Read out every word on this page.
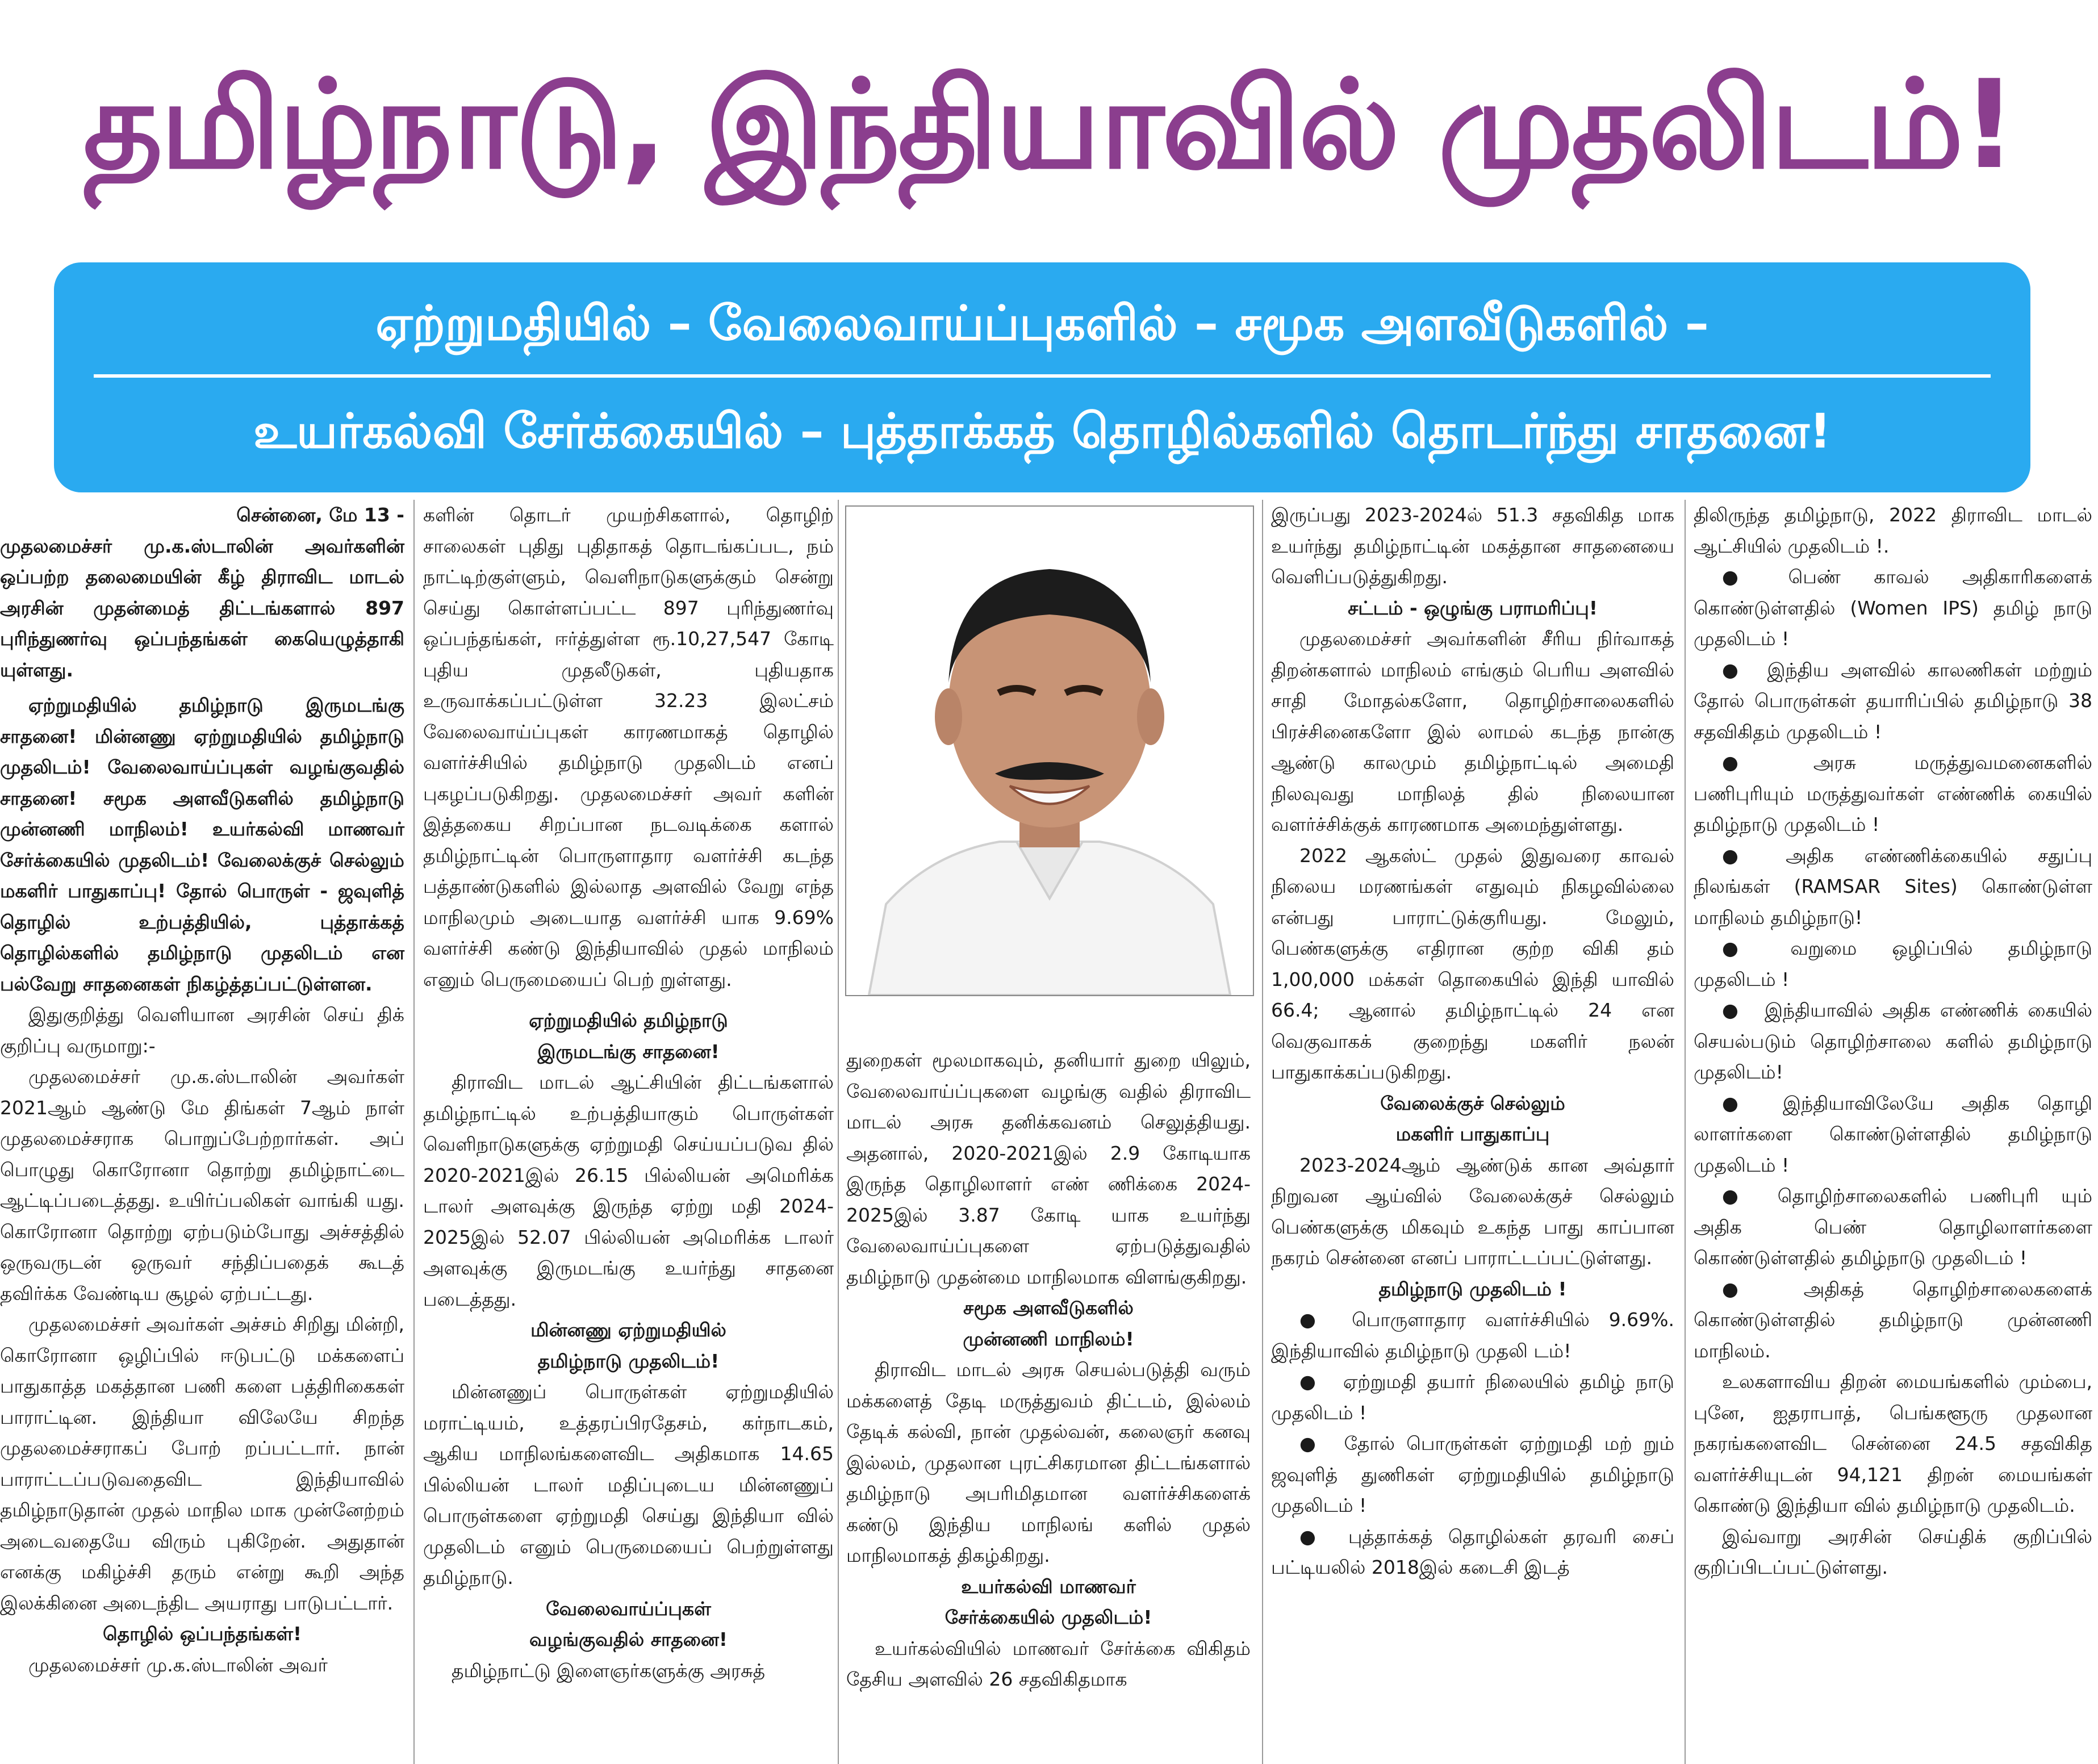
தமிழ்நாடு, இந்தியாவில் முதலிடம்!
ஏற்றுமதியில் – வேலைவாய்ப்புகளில் – சமூக அளவீடுகளில் –
உயர்கல்வி சேர்க்கையில் – புத்தாக்கத் தொழில்களில் தொடர்ந்து சாதனை!

சென்னை, மே 13 -

முதலமைச்சர் மு.க.ஸ்டாலின் அவர்களின் ஒப்பற்ற தலைமையின் கீழ் திராவிட மாடல் அரசின் முதன்மைத் திட்டங்களால் 897 புரிந்துணர்வு ஒப்பந்தங்கள் கையெழுத்தாகி யுள்ளது.

ஏற்றுமதியில் தமிழ்நாடு இருமடங்கு சாதனை! மின்னணு ஏற்றுமதியில் தமிழ்நாடு முதலிடம்! வேலைவாய்ப்புகள் வழங்குவதில் சாதனை! சமூக அளவீடுகளில் தமிழ்நாடு முன்னணி மாநிலம்! உயர்கல்வி மாணவர் சேர்க்கையில் முதலிடம்! வேலைக்குச் செல்லும் மகளிர் பாதுகாப்பு! தோல் பொருள் - ஜவுளித் தொழில் உற்பத்தியில், புத்தாக்கத் தொழில்களில் தமிழ்நாடு முதலிடம் என பல்வேறு சாதனைகள் நிகழ்த்தப்பட்டுள்ளன.

இதுகுறித்து வெளியான அரசின் செய் திக் குறிப்பு வருமாறு:-

முதலமைச்சர் மு.க.ஸ்டாலின் அவர்கள் 2021ஆம் ஆண்டு மே திங்கள் 7ஆம் நாள் முதலமைச்சராக பொறுப்பேற்றார்கள். அப் பொழுது கொரோனா தொற்று தமிழ்நாட்டை ஆட்டிப்படைத்தது. உயிர்ப்பலிகள் வாங்கி யது. கொரோனா தொற்று ஏற்படும்போது அச்சத்தில் ஒருவருடன் ஒருவர் சந்திப்பதைக் கூடத் தவிர்க்க வேண்டிய சூழல் ஏற்பட்டது.

முதலமைச்சர் அவர்கள் அச்சம் சிறிது மின்றி, கொரோனா ஒழிப்பில் ஈடுபட்டு மக்களைப் பாதுகாத்த மகத்தான பணி களை பத்திரிகைகள் பாராட்டின. இந்தியா விலேயே சிறந்த முதலமைச்சராகப் போற் றப்பட்டார். நான் பாராட்டப்படுவதைவிட இந்தியாவில் தமிழ்நாடுதான் முதல் மாநில மாக முன்னேற்றம் அடைவதையே விரும் புகிறேன். அதுதான் எனக்கு மகிழ்ச்சி தரும் என்று கூறி அந்த இலக்கினை அடைந்திட அயராது பாடுபட்டார்.

தொழில் ஒப்பந்தங்கள்!

முதலமைச்சர் மு.க.ஸ்டாலின் அவர்

களின் தொடர் முயற்சிகளால், தொழிற் சாலைகள் புதிது புதிதாகத் தொடங்கப்பட, நம் நாட்டிற்குள்ளும், வெளிநாடுகளுக்கும் சென்று செய்து கொள்ளப்பட்ட 897 புரிந்துணர்வு ஒப்பந்தங்கள், ஈர்த்துள்ள ரூ.10,27,547 கோடி புதிய முதலீடுகள், புதியதாக உருவாக்கப்பட்டுள்ள 32.23 இலட்சம் வேலைவாய்ப்புகள் காரணமாகத் தொழில் வளர்ச்சியில் தமிழ்நாடு முதலிடம் எனப் புகழப்படுகிறது. முதலமைச்சர் அவர் களின் இத்தகைய சிறப்பான நடவடிக்கை களால் தமிழ்நாட்டின் பொருளாதார வளர்ச்சி கடந்த பத்தாண்டுகளில் இல்லாத அளவில் வேறு எந்த மாநிலமும் அடையாத வளர்ச்சி யாக 9.69% வளர்ச்சி கண்டு இந்தியாவில் முதல் மாநிலம் எனும் பெருமையைப் பெற் றுள்ளது.

ஏற்றுமதியில் தமிழ்நாடு

இருமடங்கு சாதனை!

திராவிட மாடல் ஆட்சியின் திட்டங்களால் தமிழ்நாட்டில் உற்பத்தியாகும் பொருள்கள் வெளிநாடுகளுக்கு ஏற்றுமதி செய்யப்படுவ தில் 2020-2021இல் 26.15 பில்லியன் அமெரிக்க டாலர் அளவுக்கு இருந்த ஏற்று மதி 2024-2025இல் 52.07 பில்லியன் அமெரிக்க டாலர் அளவுக்கு இருமடங்கு உயர்ந்து சாதனை படைத்தது.

மின்னணு ஏற்றுமதியில்

தமிழ்நாடு முதலிடம்!

மின்னணுப் பொருள்கள் ஏற்றுமதியில் மராட்டியம், உத்தரப்பிரதேசம், கர்நாடகம், ஆகிய மாநிலங்களைவிட அதிகமாக 14.65 பில்லியன் டாலர் மதிப்புடைய மின்னணுப் பொருள்களை ஏற்றுமதி செய்து இந்தியா வில் முதலிடம் எனும் பெருமையைப் பெற்றுள்ளது தமிழ்நாடு.

வேலைவாய்ப்புகள்

வழங்குவதில் சாதனை!

தமிழ்நாட்டு இளைஞர்களுக்கு அரசுத்

துறைகள் மூலமாகவும், தனியார் துறை யிலும், வேலைவாய்ப்புகளை வழங்கு வதில் திராவிட மாடல் அரசு தனிக்கவனம் செலுத்தியது. அதனால், 2020-2021இல் 2.9 கோடியாக இருந்த தொழிலாளர் எண் ணிக்கை 2024-2025இல் 3.87 கோடி யாக உயர்ந்து வேலைவாய்ப்புகளை ஏற்படுத்துவதில் தமிழ்நாடு முதன்மை மாநிலமாக விளங்குகிறது.

சமூக அளவீடுகளில்

முன்னணி மாநிலம்!

திராவிட மாடல் அரசு செயல்படுத்தி வரும் மக்களைத் தேடி மருத்துவம் திட்டம், இல்லம் தேடிக் கல்வி, நான் முதல்வன், கலைஞர் கனவு இல்லம், முதலான புரட்சிகரமான திட்டங்களால் தமிழ்நாடு அபரிமிதமான வளர்ச்சிகளைக் கண்டு இந்திய மாநிலங் களில் முதல் மாநிலமாகத் திகழ்கிறது.

உயர்கல்வி மாணவர்

சேர்க்கையில் முதலிடம்!

உயர்கல்வியில் மாணவர் சேர்க்கை விகிதம் தேசிய அளவில் 26 சதவிகிதமாக

இருப்பது 2023-2024ல் 51.3 சதவிகித மாக உயர்ந்து தமிழ்நாட்டின் மகத்தான சாதனையை வெளிப்படுத்துகிறது.

சட்டம் - ஒழுங்கு பராமரிப்பு!

முதலமைச்சர் அவர்களின் சீரிய நிர்வாகத் திறன்களால் மாநிலம் எங்கும் பெரிய அளவில் சாதி மோதல்களோ, தொழிற்சாலைகளில் பிரச்சினைகளோ இல் லாமல் கடந்த நான்கு ஆண்டு காலமும் தமிழ்நாட்டில் அமைதி நிலவுவது மாநிலத் தில் நிலையான வளர்ச்சிக்குக் காரணமாக அமைந்துள்ளது.

2022 ஆகஸ்ட் முதல் இதுவரை காவல் நிலைய மரணங்கள் எதுவும் நிகழவில்லை என்பது பாராட்டுக்குரியது. மேலும், பெண்களுக்கு எதிரான குற்ற விகி தம் 1,00,000 மக்கள் தொகையில் இந்தி யாவில் 66.4; ஆனால் தமிழ்நாட்டில் 24 என வெகுவாகக் குறைந்து மகளிர் நலன் பாதுகாக்கப்படுகிறது.

வேலைக்குச் செல்லும்

மகளிர் பாதுகாப்பு

2023-2024ஆம் ஆண்டுக் கான அவ்தார் நிறுவன ஆய்வில் வேலைக்குச் செல்லும் பெண்களுக்கு மிகவும் உகந்த பாது காப்பான நகரம் சென்னை எனப் பாராட்டப்பட்டுள்ளது.

தமிழ்நாடு முதலிடம் !

● பொருளாதார வளர்ச்சியில் 9.69%. இந்தியாவில் தமிழ்நாடு முதலி டம்!

● ஏற்றுமதி தயார் நிலையில் தமிழ் நாடு முதலிடம் !

● தோல் பொருள்கள் ஏற்றுமதி மற் றும் ஜவுளித் துணிகள் ஏற்றுமதியில் தமிழ்நாடு முதலிடம் !

● புத்தாக்கத் தொழில்கள் தரவரி சைப் பட்டியலில் 2018இல் கடைசி இடத்

திலிருந்த தமிழ்நாடு, 2022 திராவிட மாடல் ஆட்சியில் முதலிடம் !.

● பெண் காவல் அதிகாரிகளைக் கொண்டுள்ளதில் (Women IPS) தமிழ் நாடு முதலிடம் !

● இந்திய அளவில் காலணிகள் மற்றும் தோல் பொருள்கள் தயாரிப்பில் தமிழ்நாடு 38 சதவிகிதம் முதலிடம் !

● அரசு மருத்துவமனைகளில் பணிபுரியும் மருத்துவர்கள் எண்ணிக் கையில் தமிழ்நாடு முதலிடம் !

● அதிக எண்ணிக்கையில் சதுப்பு நிலங்கள் (RAMSAR Sites) கொண்டுள்ள மாநிலம் தமிழ்நாடு!

● வறுமை ஒழிப்பில் தமிழ்நாடு முதலிடம் !

● இந்தியாவில் அதிக எண்ணிக் கையில் செயல்படும் தொழிற்சாலை களில் தமிழ்நாடு முதலிடம்!

● இந்தியாவிலேயே அதிக தொழி லாளர்களை கொண்டுள்ளதில் தமிழ்நாடு முதலிடம் !

● தொழிற்சாலைகளில் பணிபுரி யும் அதிக பெண் தொழிலாளர்களை கொண்டுள்ளதில் தமிழ்நாடு முதலிடம் !

● அதிகத் தொழிற்சாலைகளைக் கொண்டுள்ளதில் தமிழ்நாடு முன்னணி மாநிலம்.

உலகளாவிய திறன் மையங்களில் மும்பை, புனே, ஐதராபாத், பெங்களூரு முதலான நகரங்களைவிட சென்னை 24.5 சதவிகித வளர்ச்சியுடன் 94,121 திறன் மையங்கள் கொண்டு இந்தியா வில் தமிழ்நாடு முதலிடம்.

இவ்வாறு அரசின் செய்திக் குறிப்பில் குறிப்பிடப்பட்டுள்ளது.
